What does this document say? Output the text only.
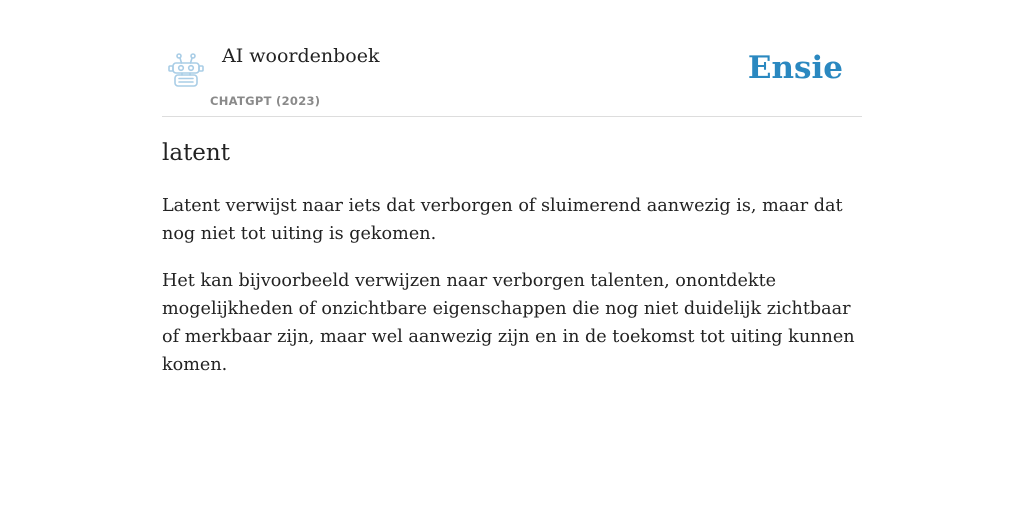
AI woordenboek
CHATGPT (2023)
Ensie
latent

Latent verwijst naar iets dat verborgen of sluimerend aanwezig is, maar dat nog niet tot uiting is gekomen.

Het kan bijvoorbeeld verwijzen naar verborgen talenten, onontdekte mogelijkheden of onzichtbare eigenschappen die nog niet duidelijk zichtbaar of merkbaar zijn, maar wel aanwezig zijn en in de toekomst tot uiting kunnen komen.
